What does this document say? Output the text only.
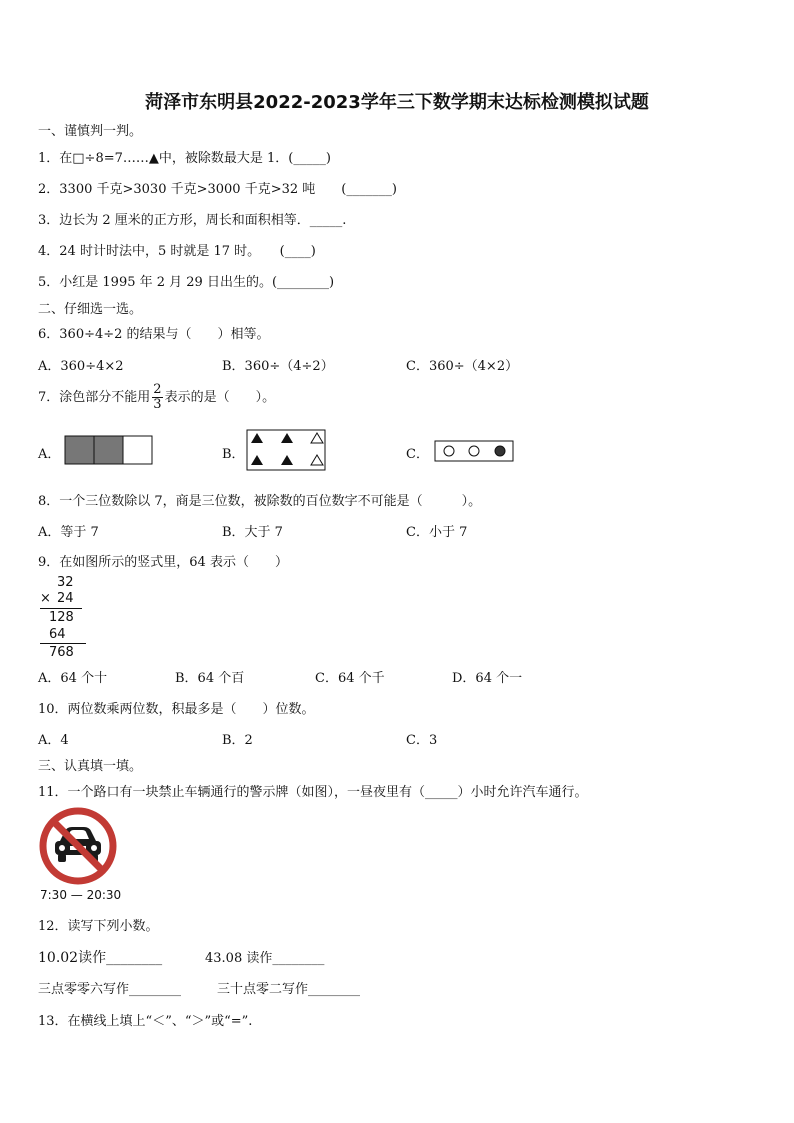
菏泽市东明县2022-2023学年三下数学期末达标检测模拟试题
一、谨慎判一判。
1．在□÷8=7……▲中，被除数最大是 1．(_____)
2．3300 千克>3030 千克>3000 千克>32 吨　　(_______)
3．边长为 2 厘米的正方形，周长和面积相等．_____.
4．24 时计时法中，5 时就是 17 时。　　(____)
5．小红是 1995 年 2 月 29 日出生的。(________)
二、仔细选一选。
6．360÷4÷2 的结果与（　　）相等。
A．360÷4×2	B．360÷（4÷2）	C．360÷（4×2）
7．涂色部分不能用 $\frac{2}{3}$ 表示的是（　　）。
A．	B．	C．
8．一个三位数除以 7，商是三位数，被除数的百位数字不可能是（　　　）。
A．等于 7	B．大于 7	C．小于 7
9．在如图所示的竖式里，64 表示（　　）
32
× 24
128
64
768
A．64 个十	B．64 个百	C．64 个千	D．64 个一
10．两位数乘两位数，积最多是（　　）位数。
A．4	B．2	C．3
三、认真填一填。
11．一个路口有一块禁止车辆通行的警示牌（如图），一昼夜里有（_____）小时允许汽车通行。
7:30 — 20:30
12．读写下列小数。
10.02读作________	43.08 读作________
三点零零六写作________	三十点零二写作________
13．在横线上填上“＜”、“＞”或“=”.
